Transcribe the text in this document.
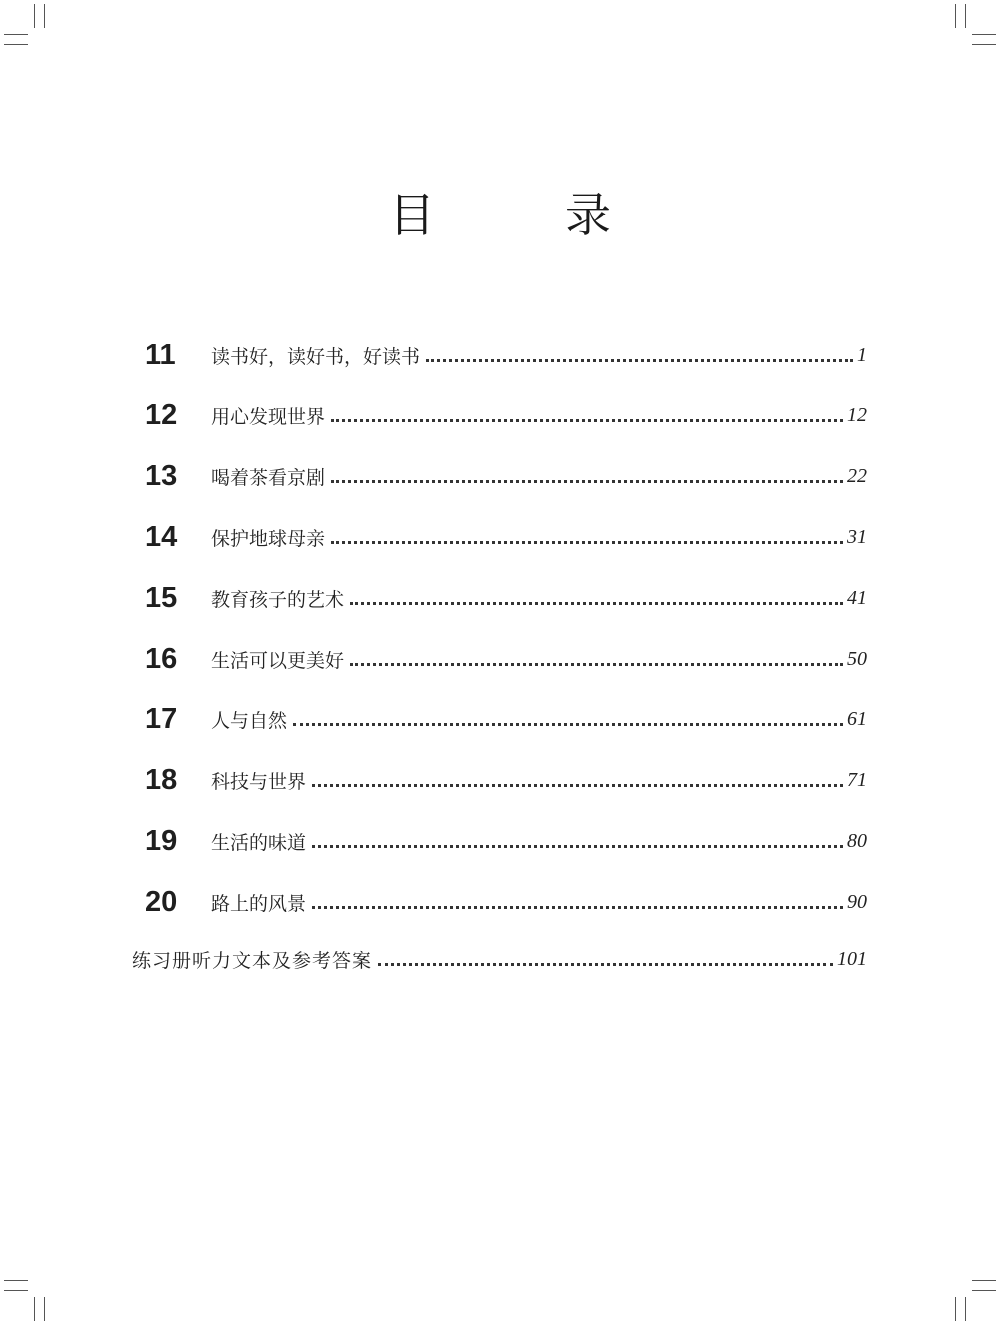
目　录
11	读书好，读好书，好读书	1
12	用心发现世界	12
13	喝着茶看京剧	22
14	保护地球母亲	31
15	教育孩子的艺术	41
16	生活可以更美好	50
17	人与自然	61
18	科技与世界	71
19	生活的味道	80
20	路上的风景	90
练习册听力文本及参考答案	101
